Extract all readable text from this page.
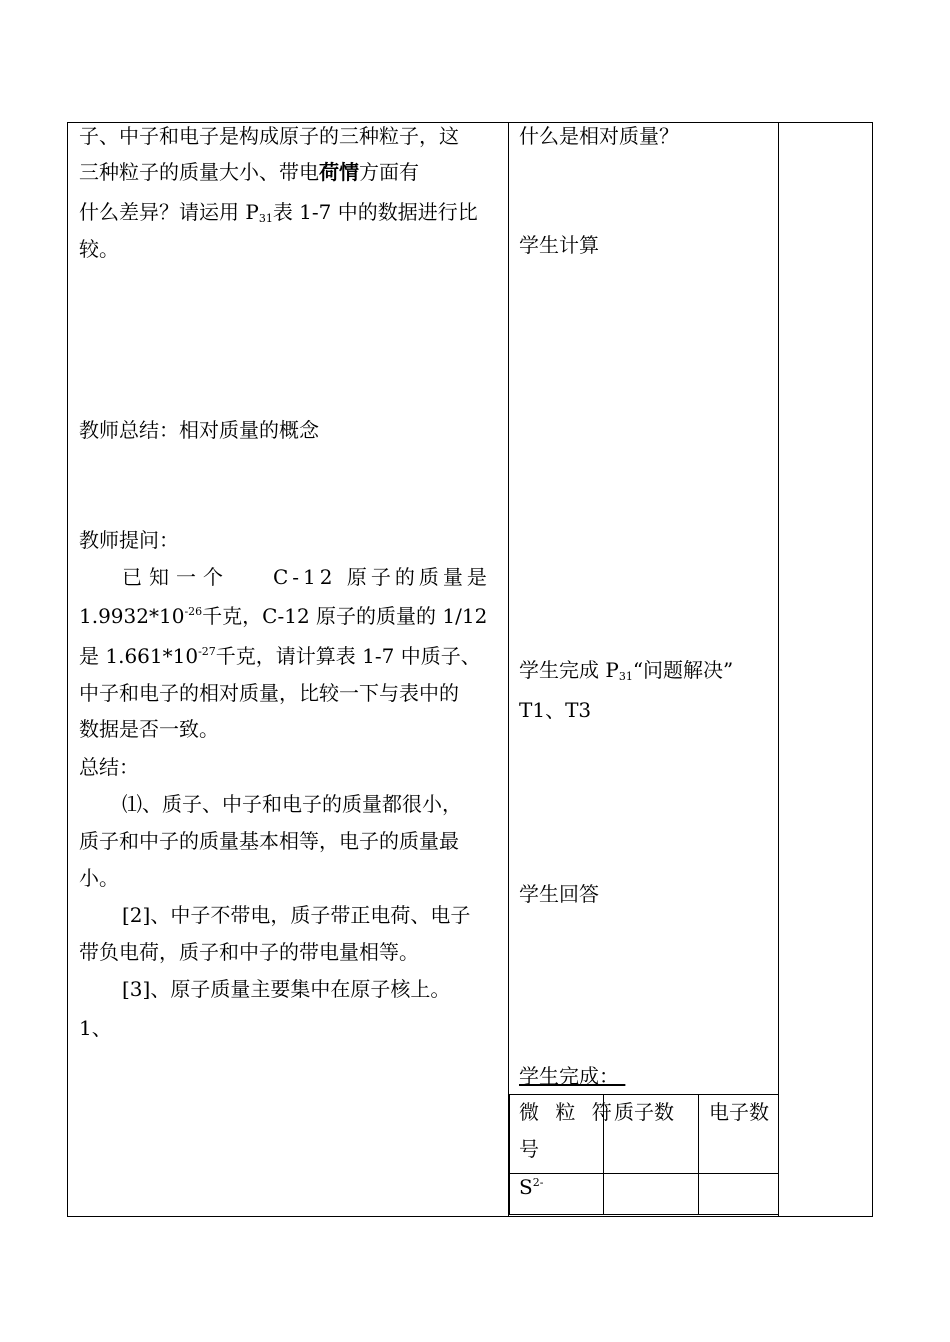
子、中子和电子是构成原子的三种粒子，这
三种粒子的质量大小、带电荷情方面有
什么差异？请运用 $P_{31}$表 1-7 中的数据进行比
较。
教师总结：相对质量的概念
教师提问：
已知一个 C-12 原子的质量是
$1.9932*10^{-26}$千克，C-12 原子的质量的 1/12
是 $1.661*10^{-27}$千克，请计算表 1-7 中质子、
中子和电子的相对质量，比较一下与表中的
数据是否一致。
总结：
⑴、质子、中子和电子的质量都很小，
质子和中子的质量基本相等，电子的质量最
小。
[2]、中子不带电，质子带正电荷、电子
带负电荷，质子和中子的带电量相等。
[3]、原子质量主要集中在原子核上。
1、
什么是相对质量？
学生计算
学生完成 $P_{31}“$问题解决”
T1、T3
学生回答
学生完成：
微 粒 符
号
质子数 电子数
$S^{2-}$
